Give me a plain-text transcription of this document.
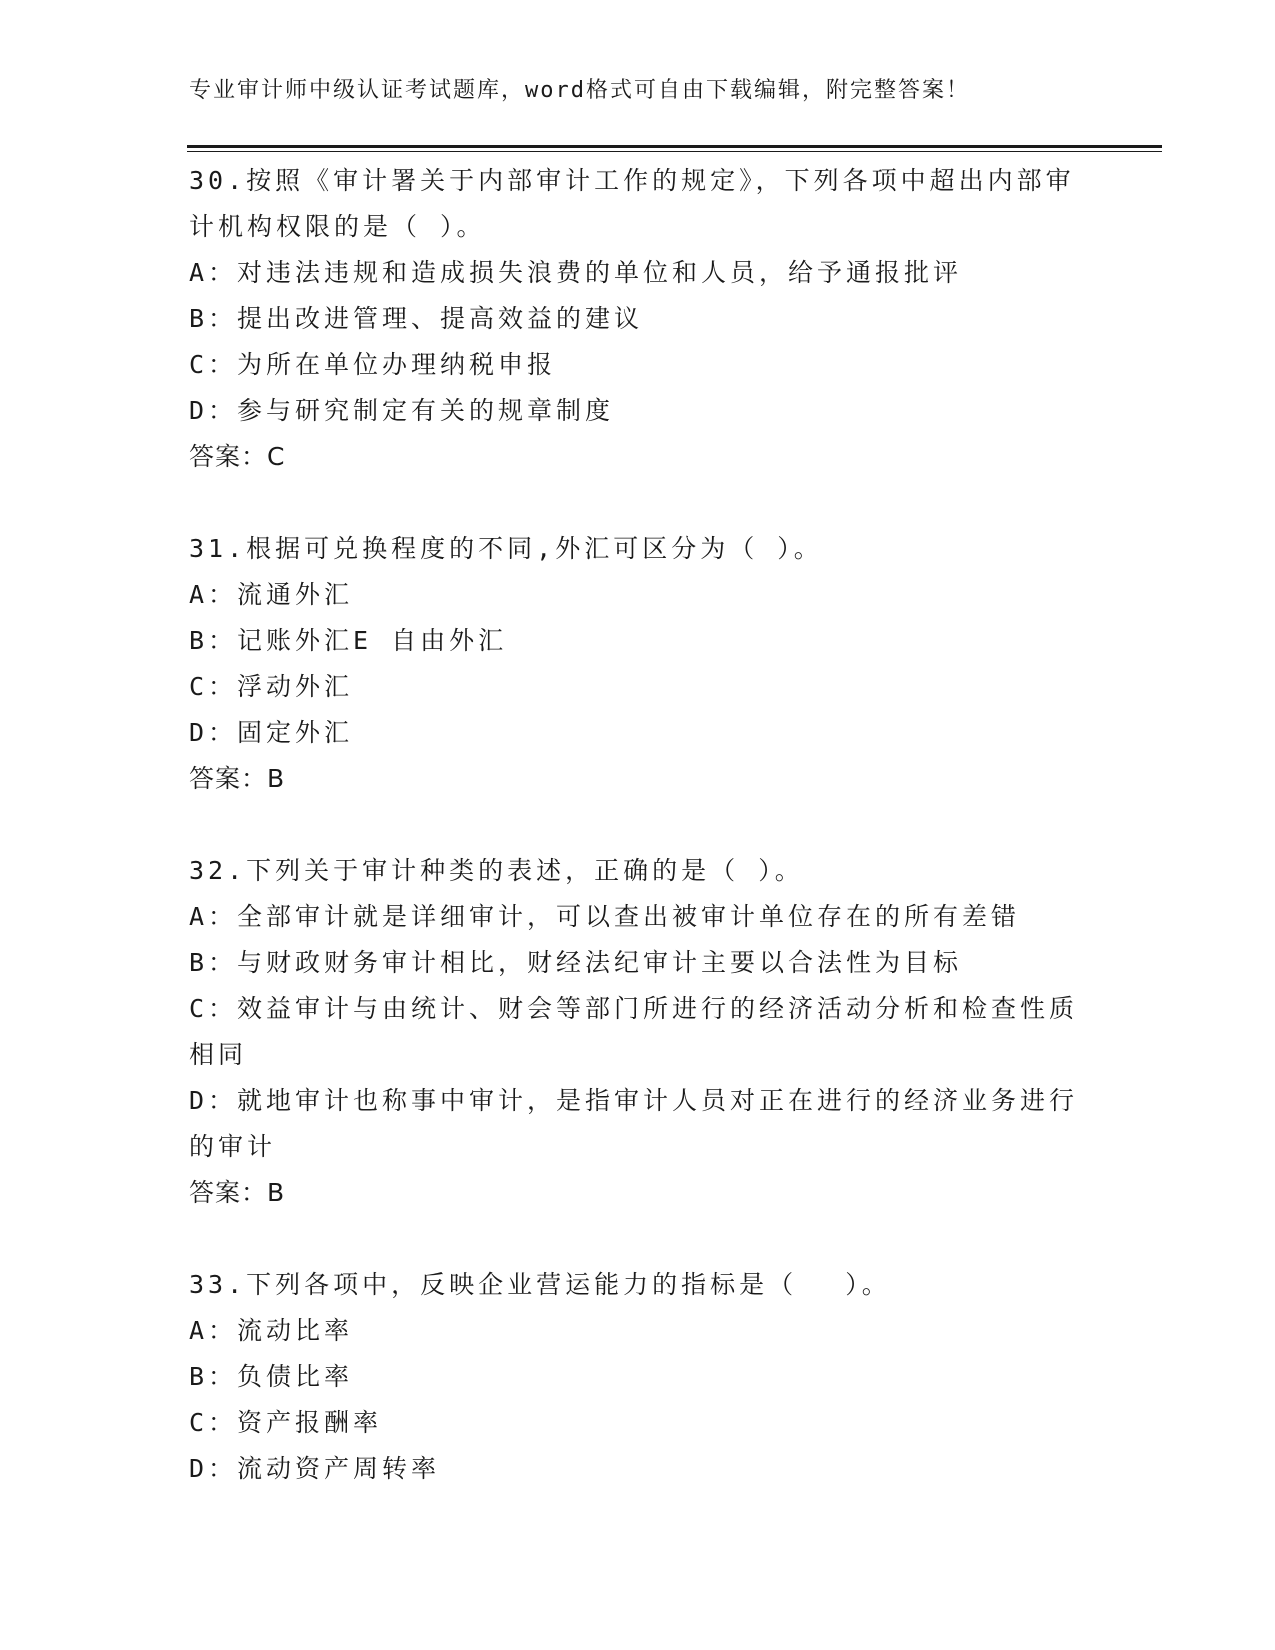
专业审计师中级认证考试题库，word格式可自由下载编辑，附完整答案！
30.按照《审计署关于内部审计工作的规定》，下列各项中超出内部审
计机构权限的是（ ）。
A：对违法违规和造成损失浪费的单位和人员，给予通报批评
B：提出改进管理、提高效益的建议
C：为所在单位办理纳税申报
D：参与研究制定有关的规章制度
答案：C
31.根据可兑换程度的不同,外汇可区分为（ ）。
A：流通外汇
B：记账外汇E 自由外汇
C：浮动外汇
D：固定外汇
答案：B
32.下列关于审计种类的表述，正确的是（ ）。
A：全部审计就是详细审计，可以查出被审计单位存在的所有差错
B：与财政财务审计相比，财经法纪审计主要以合法性为目标
C：效益审计与由统计、财会等部门所进行的经济活动分析和检查性质
相同
D：就地审计也称事中审计，是指审计人员对正在进行的经济业务进行
的审计
答案：B
33.下列各项中，反映企业营运能力的指标是（　 ）。
A：流动比率
B：负债比率
C：资产报酬率
D：流动资产周转率
